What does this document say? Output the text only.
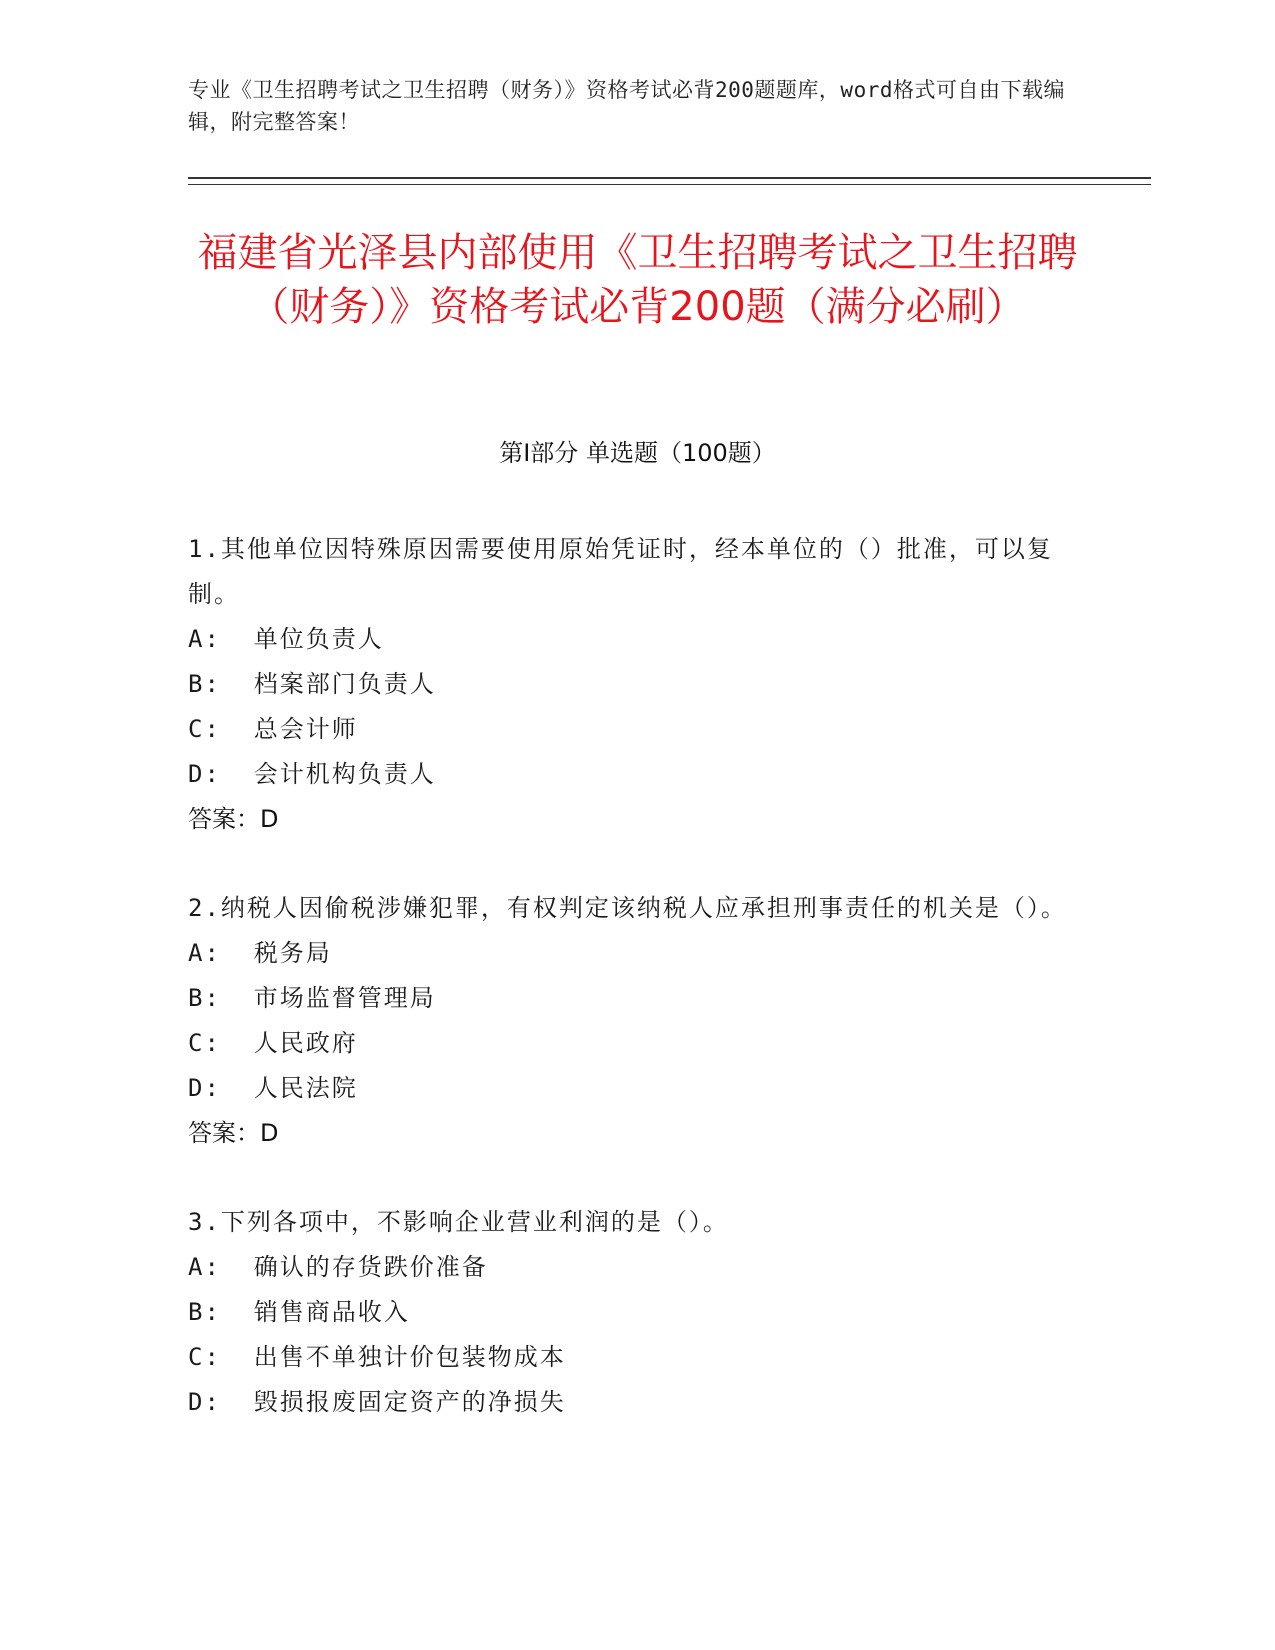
专业《卫生招聘考试之卫生招聘（财务）》资格考试必背200题题库，word格式可自由下载编辑，附完整答案！
福建省光泽县内部使用《卫生招聘考试之卫生招聘（财务）》资格考试必背200题（满分必刷）
第Ⅰ部分 单选题（100题）

1.其他单位因特殊原因需要使用原始凭证时，经本单位的（）批准，可以复制。

A:  单位负责人

B:  档案部门负责人

C:  总会计师

D:  会计机构负责人

答案：D

2.纳税人因偷税涉嫌犯罪，有权判定该纳税人应承担刑事责任的机关是（）。

A:  税务局

B:  市场监督管理局

C:  人民政府

D:  人民法院

答案：D

3.下列各项中，不影响企业营业利润的是（）。

A:  确认的存货跌价准备

B:  销售商品收入

C:  出售不单独计价包装物成本

D:  毁损报废固定资产的净损失
